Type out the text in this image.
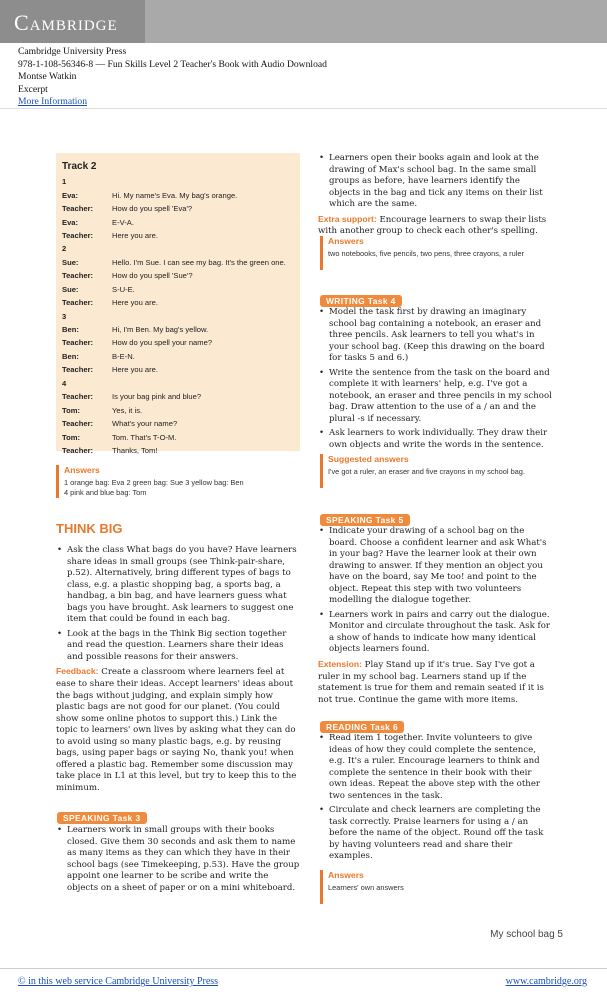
Cambridge
Cambridge University Press
978-1-108-56346-8 — Fun Skills Level 2 Teacher's Book with Audio Download
Montse Watkin
Excerpt
More Information
Track 2
1
Eva:	Hi. My name's Eva. My bag's orange.
Teacher:	How do you spell 'Eva'?
Eva:	E-V-A.
Teacher:	Here you are.
2
Sue:	Hello. I'm Sue. I can see my bag. It's the green one.
Teacher:	How do you spell 'Sue'?
Sue:	S-U-E.
Teacher:	Here you are.
3
Ben:	Hi, I'm Ben. My bag's yellow.
Teacher:	How do you spell your name?
Ben:	B-E-N.
Teacher:	Here you are.
4
Teacher:	Is your bag pink and blue?
Tom:	Yes, it is.
Teacher:	What's your name?
Tom:	Tom. That's T-O-M.
Teacher:	Thanks, Tom!
Answers
1 orange bag: Eva 2 green bag: Sue 3 yellow bag: Ben
4 pink and blue bag: Tom
THINK BIG
• Ask the class What bags do you have? Have learners share ideas in small groups (see Think-pair-share, p.52). Alternatively, bring different types of bags to class, e.g. a plastic shopping bag, a sports bag, a handbag, a bin bag, and have learners guess what bags you have brought. Ask learners to suggest one item that could be found in each bag.
• Look at the bags in the Think Big section together and read the question. Learners share their ideas and possible reasons for their answers.

Feedback: Create a classroom where learners feel at ease to share their ideas. Accept learners' ideas about the bags without judging, and explain simply how plastic bags are not good for our planet. (You could show some online photos to support this.) Link the topic to learners' own lives by asking what they can do to avoid using so many plastic bags, e.g. by reusing bags, using paper bags or saying No, thank you! when offered a plastic bag. Remember some discussion may take place in L1 at this level, but try to keep this to the minimum.

SPEAKING Task 3
• Learners work in small groups with their books closed. Give them 30 seconds and ask them to name as many items as they can which they have in their school bags (see Timekeeping, p.53). Have the group appoint one learner to be scribe and write the objects on a sheet of paper or on a mini whiteboard.
• Learners open their books again and look at the drawing of Max's school bag. In the same small groups as before, have learners identify the objects in the bag and tick any items on their list which are the same.

Extra support: Encourage learners to swap their lists with another group to check each other's spelling.

Answers
two notebooks, five pencils, two pens, three crayons, a ruler
WRITING Task 4
• Model the task first by drawing an imaginary school bag containing a notebook, an eraser and three pencils. Ask learners to tell you what's in your school bag. (Keep this drawing on the board for tasks 5 and 6.)
• Write the sentence from the task on the board and complete it with learners' help, e.g. I've got a notebook, an eraser and three pencils in my school bag. Draw attention to the use of a / an and the plural -s if necessary.
• Ask learners to work individually. They draw their own objects and write the words in the sentence.
Suggested answers
I've got a ruler, an eraser and five crayons in my school bag.
SPEAKING Task 5
• Indicate your drawing of a school bag on the board. Choose a confident learner and ask What's in your bag? Have the learner look at their own drawing to answer. If they mention an object you have on the board, say Me too! and point to the object. Repeat this step with two volunteers modelling the dialogue together.
• Learners work in pairs and carry out the dialogue. Monitor and circulate throughout the task. Ask for a show of hands to indicate how many identical objects learners found.

Extension: Play Stand up if it's true. Say I've got a ruler in my school bag. Learners stand up if the statement is true for them and remain seated if it is not true. Continue the game with more items.

READING Task 6
• Read item 1 together. Invite volunteers to give ideas of how they could complete the sentence, e.g. It's a ruler. Encourage learners to think and complete the sentence in their book with their own ideas. Repeat the above step with the other two sentences in the task.
• Circulate and check learners are completing the task correctly. Praise learners for using a / an before the name of the object. Round off the task by having volunteers read and share their examples.
Answers
Learners' own answers
My school bag 5
© in this web service Cambridge University Press	www.cambridge.org
